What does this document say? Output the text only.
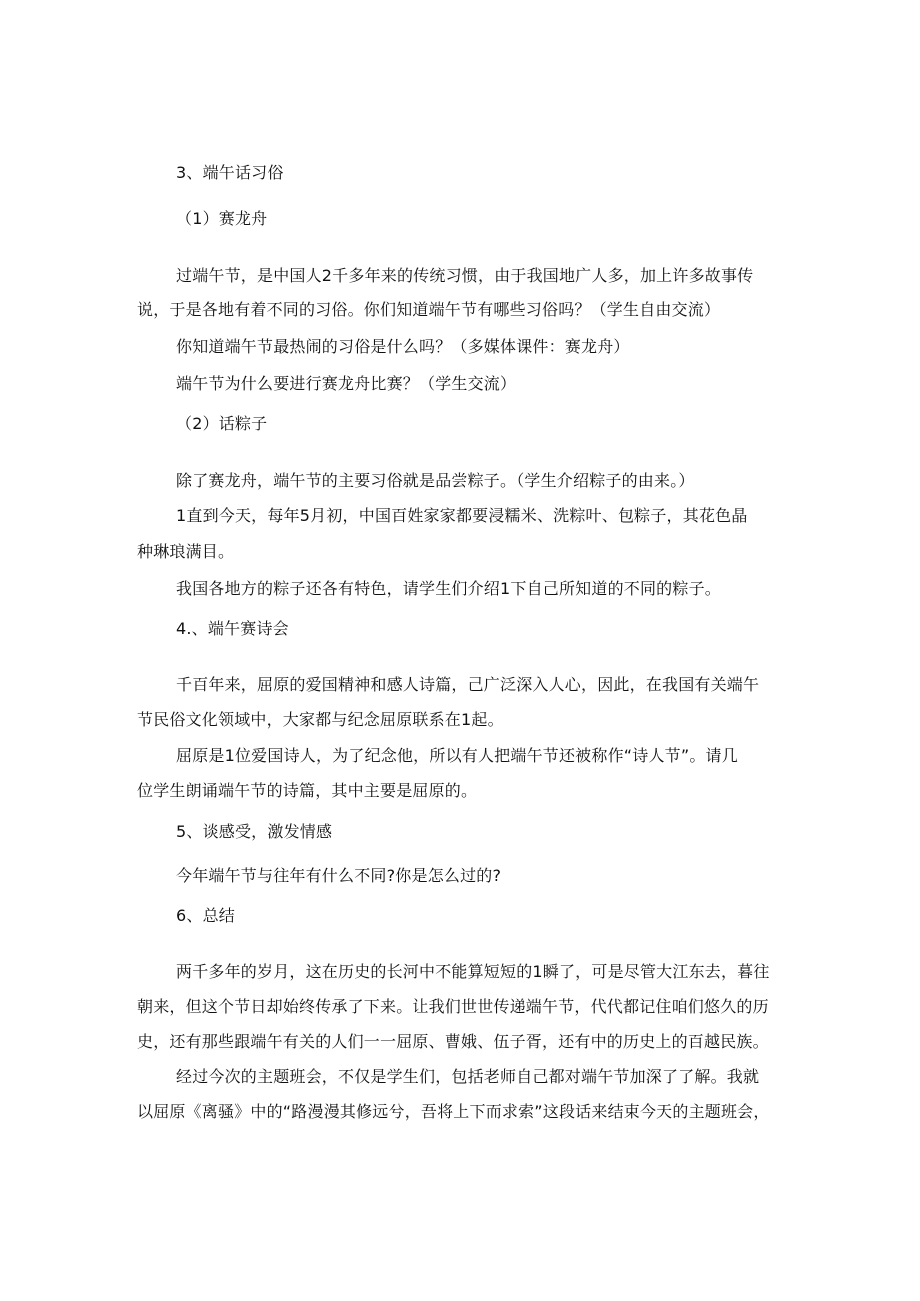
3、端午话习俗
（1）赛龙舟
过端午节，是中国人2千多年来的传统习惯，由于我国地广人多，加上许多故事传
说，于是各地有着不同的习俗。你们知道端午节有哪些习俗吗？（学生自由交流）
你知道端午节最热闹的习俗是什么吗？（多媒体课件：赛龙舟）
端午节为什么要进行赛龙舟比赛？（学生交流）
（2）话粽子
除了赛龙舟，端午节的主要习俗就是品尝粽子。（学生介绍粽子的由来。）
1直到今天，每年5月初，中国百姓家家都要浸糯米、洗粽叶、包粽子，其花色晶
种琳琅满目。
我国各地方的粽子还各有特色，请学生们介绍1下自己所知道的不同的粽子。
4.、端午赛诗会
千百年来，屈原的爱国精神和感人诗篇，己广泛深入人心，因此，在我国有关端午
节民俗文化领域中，大家都与纪念屈原联系在1起。
屈原是1位爱国诗人，为了纪念他，所以有人把端午节还被称作“诗人节”。请几
位学生朗诵端午节的诗篇，其中主要是屈原的。
5、谈感受，激发情感
今年端午节与往年有什么不同?你是怎么过的?
6、总结
两千多年的岁月，这在历史的长河中不能算短短的1瞬了，可是尽管大江东去，暮往
朝来，但这个节日却始终传承了下来。让我们世世传递端午节，代代都记住咱们悠久的历
史，还有那些跟端午有关的人们一一屈原、曹娥、伍子胥，还有中的历史上的百越民族。
经过今次的主题班会，不仅是学生们，包括老师自己都对端午节加深了了解。我就
以屈原《离骚》中的“路漫漫其修远兮，吾将上下而求索”这段话来结束今天的主题班会，
